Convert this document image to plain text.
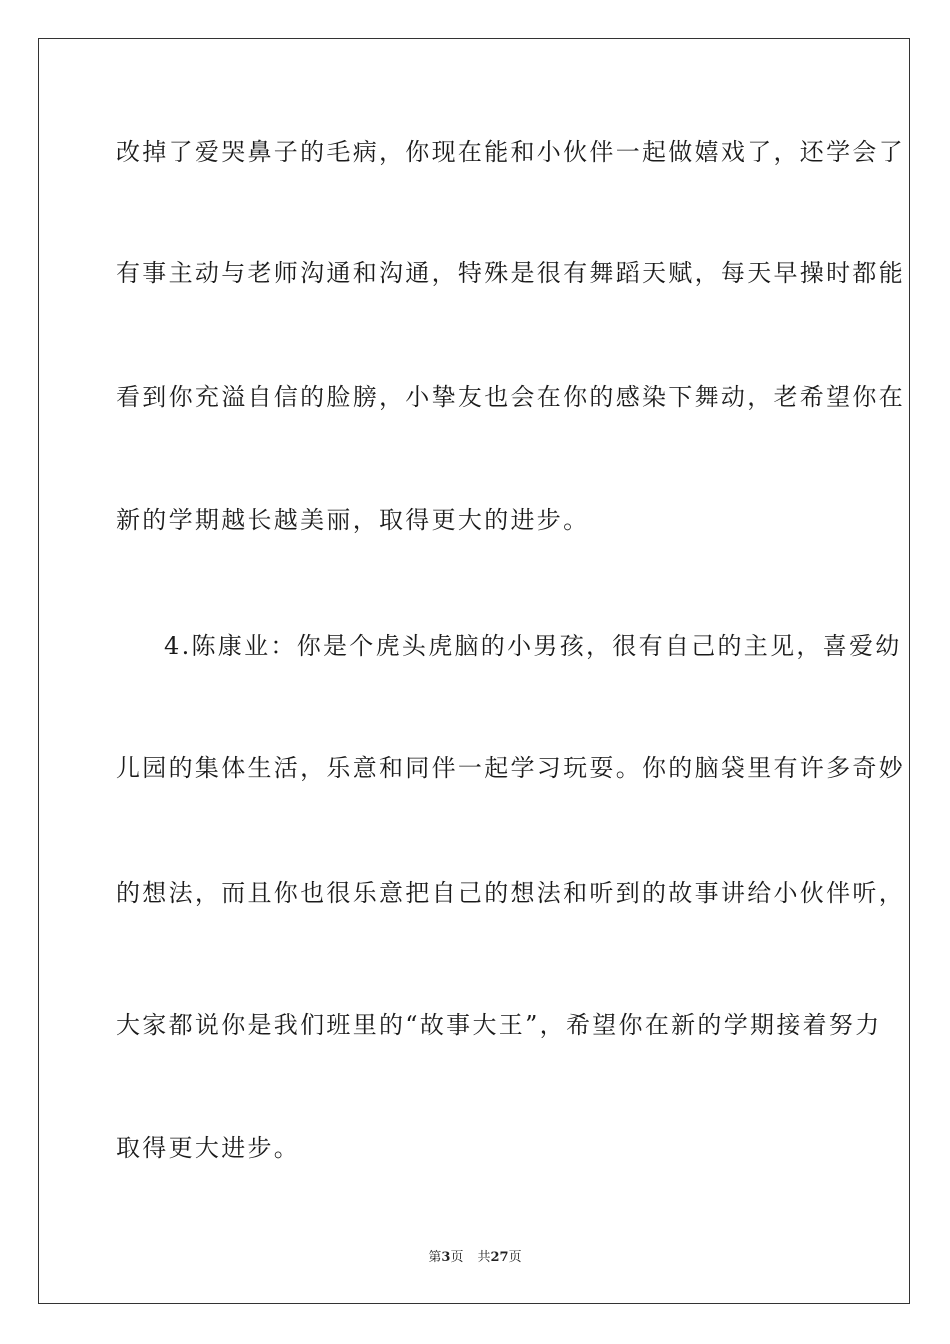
改掉了爱哭鼻子的毛病，你现在能和小伙伴一起做嬉戏了，还学会了
有事主动与老师沟通和沟通，特殊是很有舞蹈天赋，每天早操时都能
看到你充溢自信的脸膀，小挚友也会在你的感染下舞动，老希望你在
新的学期越长越美丽，取得更大的进步。
4.陈康业：你是个虎头虎脑的小男孩，很有自己的主见，喜爱幼
儿园的集体生活，乐意和同伴一起学习玩耍。你的脑袋里有许多奇妙
的想法，而且你也很乐意把自己的想法和听到的故事讲给小伙伴听，
大家都说你是我们班里的“故事大王”，希望你在新的学期接着努力
取得更大进步。
第3页 共27页
